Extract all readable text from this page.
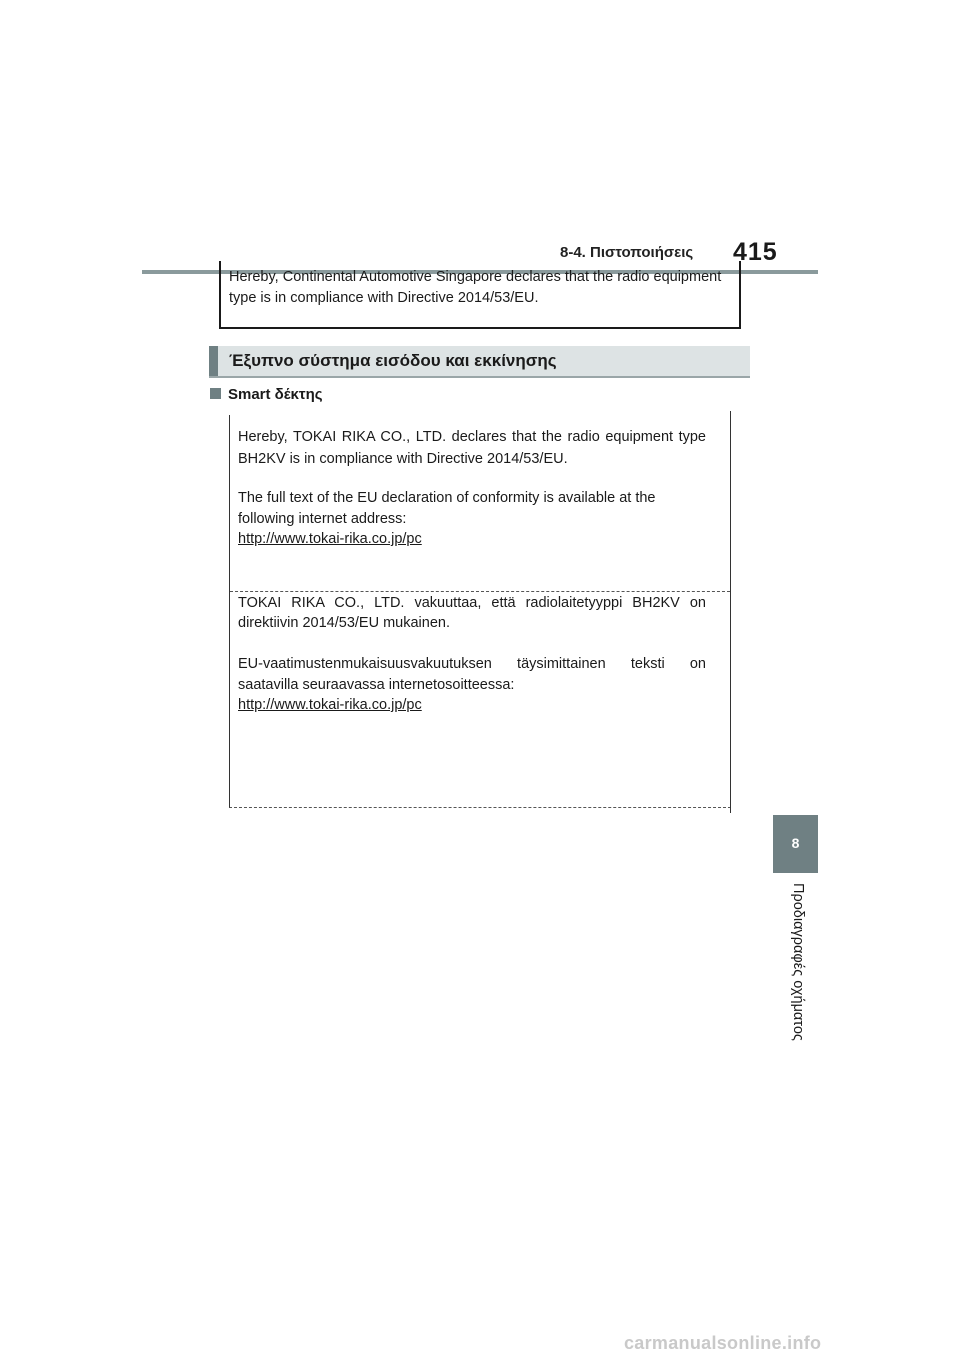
8-4. Πιστοποιήσεις 415
Hereby, Continental Automotive Singapore declares that the radio equipment type is in compliance with Directive 2014/53/EU.
Έξυπνο σύστημα εισόδου και εκκίνησης
Smart δέκτης
Hereby, TOKAI RIKA CO., LTD. declares that the radio equipment type
BH2KV is in compliance with Directive 2014/53/EU.
The full text of the EU declaration of conformity is available at the
following internet address:
http://www.tokai-rika.co.jp/pc
TOKAI RIKA CO., LTD. vakuuttaa, että radiolaitetyyppi BH2KV on
direktiivin 2014/53/EU mukainen.
EU-vaatimustenmukaisuusvakuutuksen täysimittainen teksti on
saatavilla seuraavassa internetosoitteessa:
http://www.tokai-rika.co.jp/pc
8
Προδιαγραφές οχήματος
carmanualsonline.info
